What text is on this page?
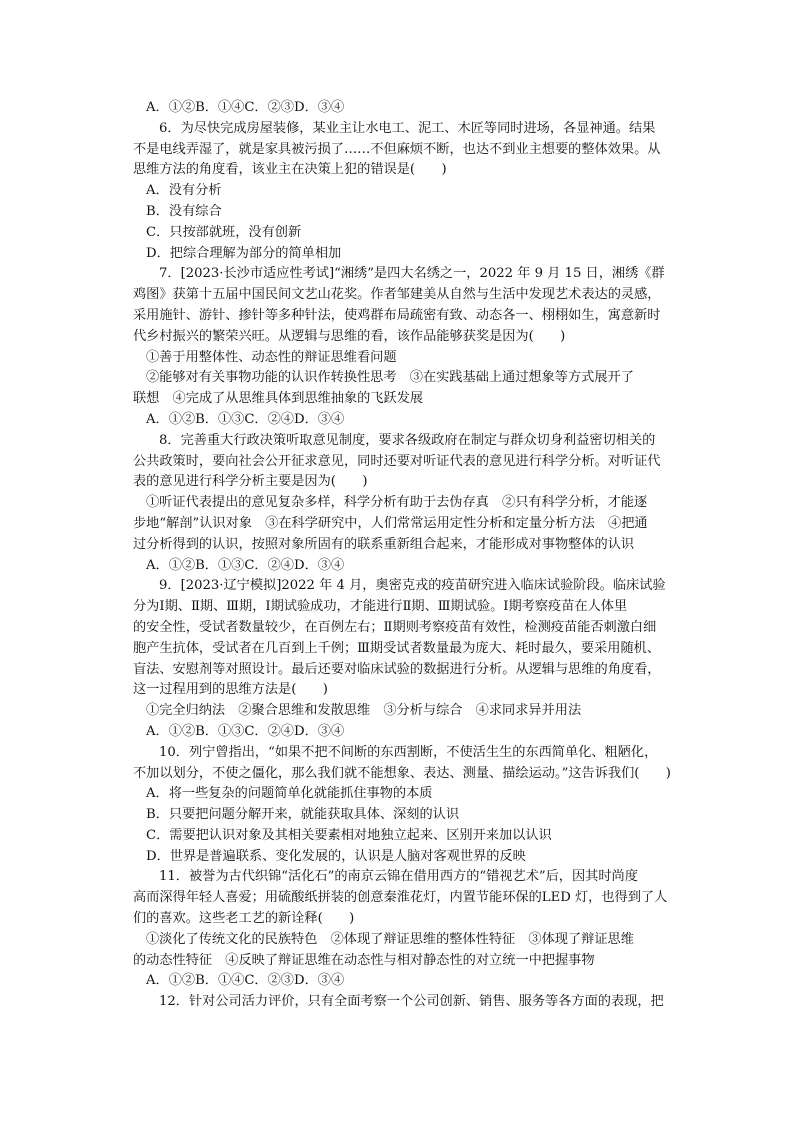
A．①②B．①④C．②③D．③④
6．为尽快完成房屋装修，某业主让水电工、泥工、木匠等同时进场，各显神通。结果
不是电线弄湿了，就是家具被污损了……不但麻烦不断，也达不到业主想要的整体效果。从
思维方法的角度看，该业主在决策上犯的错误是(　　)
A．没有分析
B．没有综合
C．只按部就班，没有创新
D．把综合理解为部分的简单相加
7．[2023·长沙市适应性考试]“湘绣”是四大名绣之一，2022 年 9 月 15 日，湘绣《群
鸡图》获第十五届中国民间文艺山花奖。作者邹建美从自然与生活中发现艺术表达的灵感，
采用施针、游针、掺针等多种针法，使鸡群布局疏密有致、动态各一、栩栩如生，寓意新时
代乡村振兴的繁荣兴旺。从逻辑与思维的看，该作品能够获奖是因为(　　)
①善于用整体性、动态性的辩证思维看问题
②能够对有关事物功能的认识作转换性思考　③在实践基础上通过想象等方式展开了
联想　④完成了从思维具体到思维抽象的飞跃发展
A．①②B．①③C．②④D．③④
8．完善重大行政决策听取意见制度，要求各级政府在制定与群众切身利益密切相关的
公共政策时，要向社会公开征求意见，同时还要对听证代表的意见进行科学分析。对听证代
表的意见进行科学分析主要是因为(　　)
①听证代表提出的意见复杂多样，科学分析有助于去伪存真　②只有科学分析，才能逐
步地“解剖”认识对象　③在科学研究中，人们常常运用定性分析和定量分析方法　④把通
过分析得到的认识，按照对象所固有的联系重新组合起来，才能形成对事物整体的认识
A．①②B．①③C．②④D．③④
9．[2023·辽宁模拟]2022 年 4 月，奥密克戎的疫苗研究进入临床试验阶段。临床试验
分为Ⅰ期、Ⅱ期、Ⅲ期，Ⅰ期试验成功，才能进行Ⅱ期、Ⅲ期试验。Ⅰ期考察疫苗在人体里
的安全性，受试者数量较少，在百例左右；Ⅱ期则考察疫苗有效性，检测疫苗能否刺激白细
胞产生抗体，受试者在几百到上千例；Ⅲ期受试者数量最为庞大、耗时最久，要采用随机、
盲法、安慰剂等对照设计。最后还要对临床试验的数据进行分析。从逻辑与思维的角度看，
这一过程用到的思维方法是(　　)
①完全归纳法　②聚合思维和发散思维　③分析与综合　④求同求异并用法
A．①②B．①③C．②④D．③④
10．列宁曾指出，“如果不把不间断的东西割断，不使活生生的东西简单化、粗陋化，
不加以划分，不使之僵化，那么我们就不能想象、表达、测量、描绘运动。”这告诉我们(　　)
A．将一些复杂的问题简单化就能抓住事物的本质
B．只要把问题分解开来，就能获取具体、深刻的认识
C．需要把认识对象及其相关要素相对地独立起来、区别开来加以认识
D．世界是普遍联系、变化发展的，认识是人脑对客观世界的反映
11．被誉为古代织锦“活化石”的南京云锦在借用西方的“错视艺术”后，因其时尚度
高而深得年轻人喜爱；用硫酸纸拼装的创意秦淮花灯，内置节能环保的LED 灯，也得到了人
们的喜欢。这些老工艺的新诠释(　　)
①淡化了传统文化的民族特色　②体现了辩证思维的整体性特征　③体现了辩证思维
的动态性特征　④反映了辩证思维在动态性与相对静态性的对立统一中把握事物
A．①②B．①④C．②③D．③④
12．针对公司活力评价，只有全面考察一个公司创新、销售、服务等各方面的表现，把
